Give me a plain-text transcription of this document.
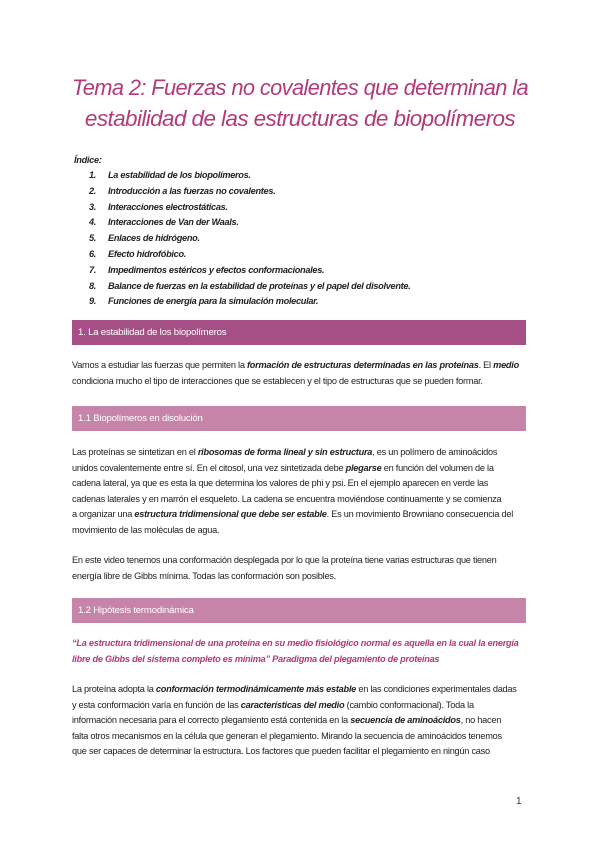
Tema 2: Fuerzas no covalentes que determinan la
estabilidad de las estructuras de biopolímeros
Índice:
1. La estabilidad de los biopolímeros.
2. Introducción a las fuerzas no covalentes.
3. Interacciones electrostáticas.
4. Interacciones de Van der Waals.
5. Enlaces de hidrógeno.
6. Efecto hidrofóbico.
7. Impedimentos estéricos y efectos conformacionales.
8. Balance de fuerzas en la estabilidad de proteínas y el papel del disolvente.
9. Funciones de energía para la simulación molecular.
1. La estabilidad de los biopolímeros
Vamos a estudiar las fuerzas que permiten la formación de estructuras determinadas en las proteínas. El medio
condiciona mucho el tipo de interacciones que se establecen y el tipo de estructuras que se pueden formar.
1.1 Biopolímeros en disolución
Las proteínas se sintetizan en el ribosomas de forma lineal y sin estructura, es un polímero de aminoácidos
unidos covalentemente entre sí. En el citosol, una vez sintetizada debe plegarse en función del volumen de la
cadena lateral, ya que es esta la que determina los valores de phi y psi. En el ejemplo aparecen en verde las
cadenas laterales y en marrón el esqueleto. La cadena se encuentra moviéndose continuamente y se comienza
a organizar una estructura tridimensional que debe ser estable. Es un movimiento Browniano consecuencia del
movimiento de las moléculas de agua.
En este video tenemos una conformación desplegada por lo que la proteína tiene varias estructuras que tienen
energía libre de Gibbs mínima. Todas las conformación son posibles.
1.2 Hipótesis termodinámica
“La estructura tridimensional de una proteína en su medio fisiológico normal es aquella en la cual la energía
libre de Gibbs del sistema completo es mínima” Paradigma del plegamiento de proteínas
La proteína adopta la conformación termodinámicamente más estable en las condiciones experimentales dadas
y esta conformación varía en función de las características del medio (cambio conformacional). Toda la
información necesaria para el correcto plegamiento está contenida en la secuencia de aminoácidos, no hacen
falta otros mecanismos en la célula que generan el plegamiento. Mirando la secuencia de aminoácidos tenemos
que ser capaces de determinar la estructura. Los factores que pueden facilitar el plegamiento en ningún caso
1
